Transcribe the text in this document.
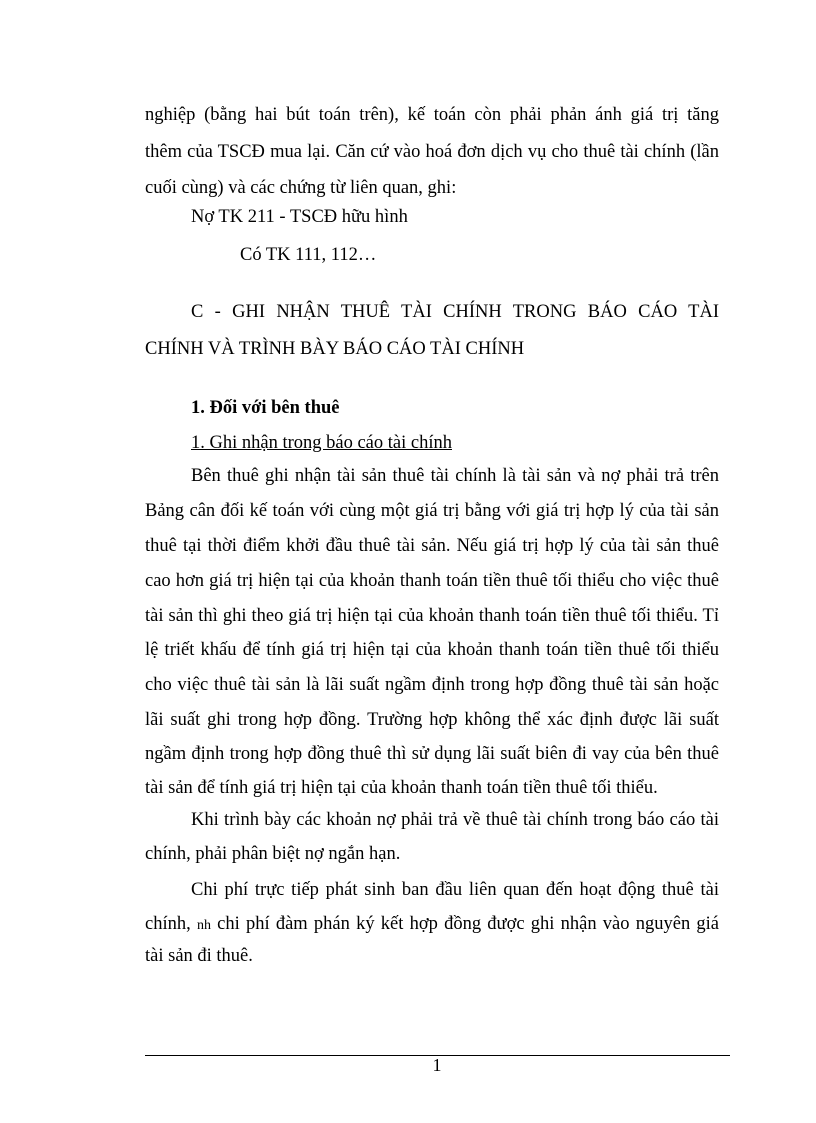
nghiệp (bằng hai bút toán trên), kế toán còn phải phản ánh giá trị tăng
thêm của TSCĐ mua lại. Căn cứ vào hoá đơn dịch vụ cho thuê tài chính (lần
cuối cùng) và các chứng từ liên quan, ghi:
Nợ TK 211 - TSCĐ hữu hình
Có TK 111, 112…
C - GHI NHẬN THUÊ TÀI CHÍNH TRONG BÁO CÁO TÀI
CHÍNH VÀ TRÌNH BÀY BÁO CÁO TÀI CHÍNH
1. Đối với bên thuê
1. Ghi nhận trong báo cáo tài chính
Bên thuê ghi nhận tài sản thuê tài chính là tài sản và nợ phải trả trên
Bảng cân đối kế toán với cùng một giá trị bằng với giá trị hợp lý của tài sản
thuê tại thời điểm khởi đầu thuê tài sản. Nếu giá trị hợp lý của tài sản thuê
cao hơn giá trị hiện tại của khoản thanh toán tiền thuê tối thiểu cho việc thuê
tài sản thì ghi theo giá trị hiện tại của khoản thanh toán tiền thuê tối thiểu. Tỉ
lệ triết khấu để tính giá trị hiện tại của khoản thanh toán tiền thuê tối thiểu
cho việc thuê tài sản là lãi suất ngầm định trong hợp đồng thuê tài sản hoặc
lãi suất ghi trong hợp đồng. Trường hợp không thể xác định được lãi suất
ngầm định trong hợp đồng thuê thì sử dụng lãi suất biên đi vay của bên thuê
tài sản để tính giá trị hiện tại của khoản thanh toán tiền thuê tối thiểu.
Khi trình bày các khoản nợ phải trả về thuê tài chính trong báo cáo tài
chính, phải phân biệt nợ ngắn hạn.
Chi phí trực tiếp phát sinh ban đầu liên quan đến hoạt động thuê tài
chính, nh chi phí đàm phán ký kết hợp đồng được ghi nhận vào nguyên giá
tài sản đi thuê.
1
